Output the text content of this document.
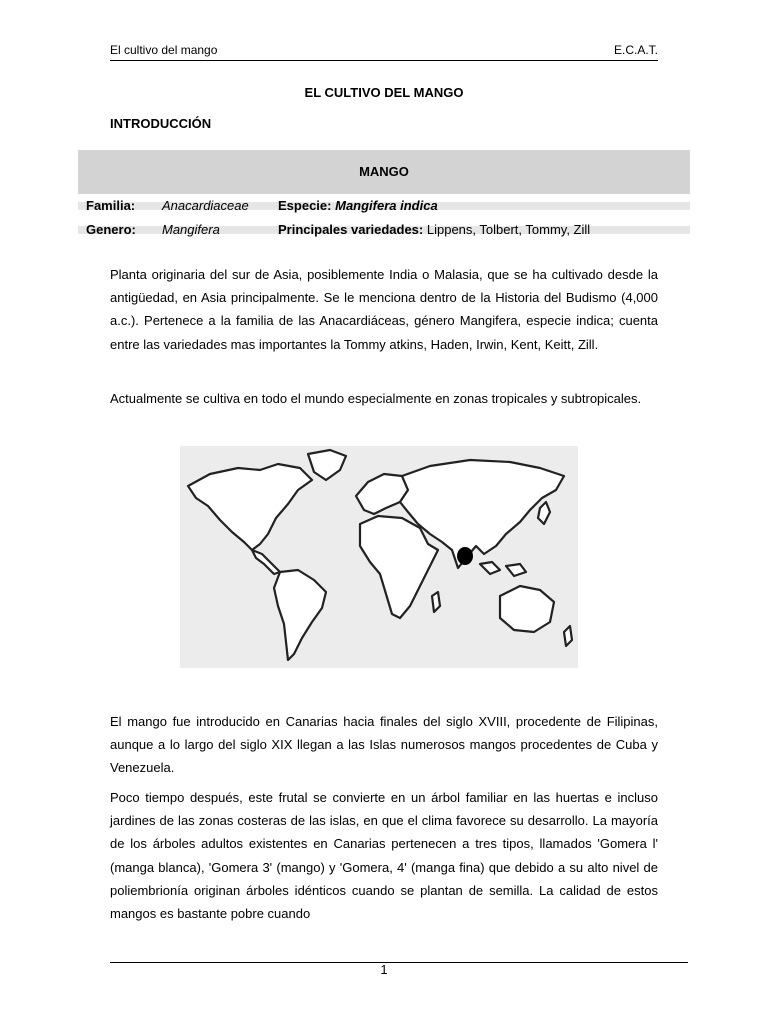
El cultivo del mango	E.C.A.T.
EL CULTIVO DEL MANGO
INTRODUCCIÓN
MANGO
Familia: Anacardiaceae Especie: Mangifera indica
Genero: Mangifera	Principales variedades: Lippens, Tolbert, Tommy, Zill

Planta originaria del sur de Asia, posiblemente India o Malasia, que se ha cultivado desde la antigüedad, en Asia principalmente. Se le menciona dentro de la Historia del Budismo (4,000 a.c.). Pertenece a la familia de las Anacardiáceas, género Mangifera, especie indica; cuenta entre las variedades mas importantes la Tommy atkins, Haden, Irwin, Kent, Keitt, Zill.

Actualmente se cultiva en todo el mundo especialmente en zonas tropicales y subtropicales.

El mango fue introducido en Canarias hacia finales del siglo XVIII, procedente de Filipinas, aunque a lo largo del siglo XIX llegan a las Islas numerosos mangos procedentes de Cuba y Venezuela.

Poco tiempo después, este frutal se convierte en un árbol familiar en las huertas e incluso jardines de las zonas costeras de las islas, en que el clima favorece su desarrollo. La mayoría de los árboles adultos existentes en Canarias pertenecen a tres tipos, llamados 'Gomera l' (manga blanca), 'Gomera 3' (mango) y 'Gomera, 4' (manga fina) que debido a su alto nivel de poliembrionía originan árboles idénticos cuando se plantan de semilla. La calidad de estos mangos es bastante pobre cuando

1
